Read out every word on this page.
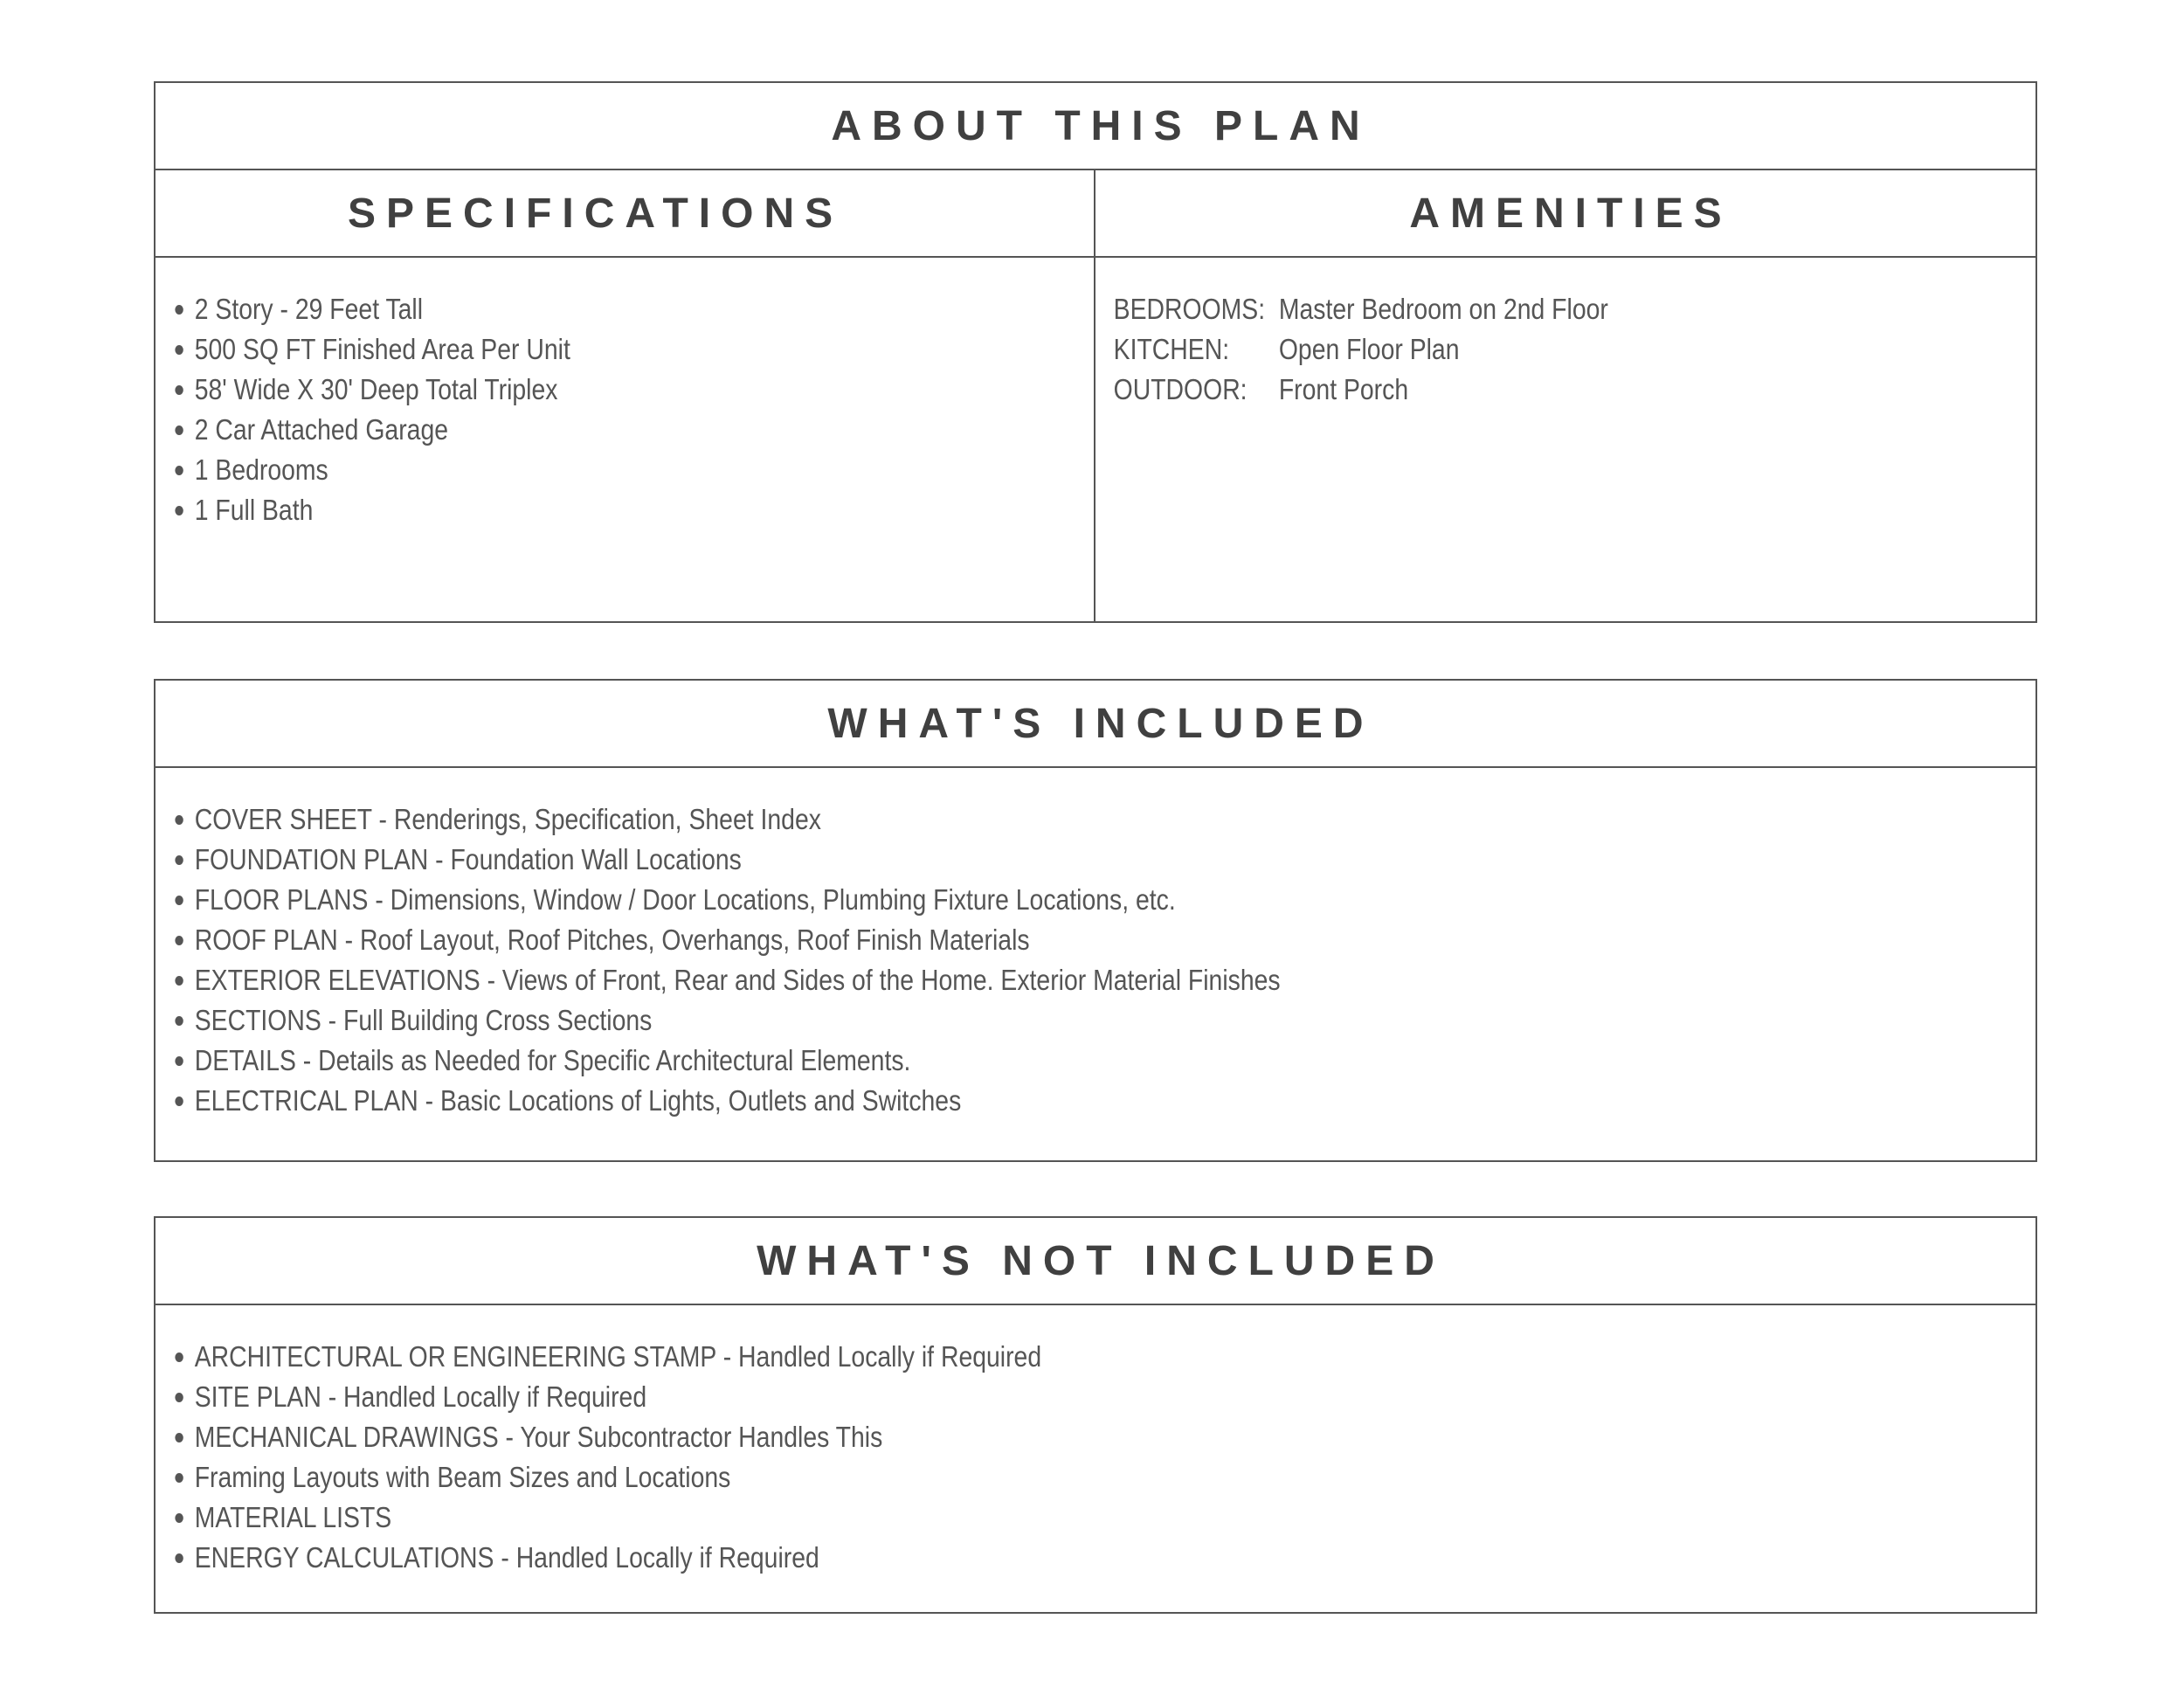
ABOUT THIS PLAN
SPECIFICATIONS
2 Story - 29 Feet Tall
500 SQ FT Finished Area Per Unit
58' Wide X 30' Deep Total Triplex
2 Car Attached Garage
1 Bedrooms
1 Full Bath
AMENITIES
BEDROOMS: Master Bedroom on 2nd Floor
KITCHEN:	Open Floor Plan
OUTDOOR:	Front Porch
WHAT'S INCLUDED
COVER SHEET - Renderings, Specification, Sheet Index
FOUNDATION PLAN - Foundation Wall Locations
FLOOR PLANS - Dimensions, Window / Door Locations, Plumbing Fixture Locations, etc.
ROOF PLAN - Roof Layout, Roof Pitches, Overhangs, Roof Finish Materials
EXTERIOR ELEVATIONS - Views of Front, Rear and Sides of the Home. Exterior Material Finishes
SECTIONS - Full Building Cross Sections
DETAILS - Details as Needed for Specific Architectural Elements.
ELECTRICAL PLAN - Basic Locations of Lights, Outlets and Switches
WHAT'S NOT INCLUDED
ARCHITECTURAL OR ENGINEERING STAMP - Handled Locally if Required
SITE PLAN - Handled Locally if Required
MECHANICAL DRAWINGS - Your Subcontractor Handles This
Framing Layouts with Beam Sizes and Locations
MATERIAL LISTS
ENERGY CALCULATIONS - Handled Locally if Required
